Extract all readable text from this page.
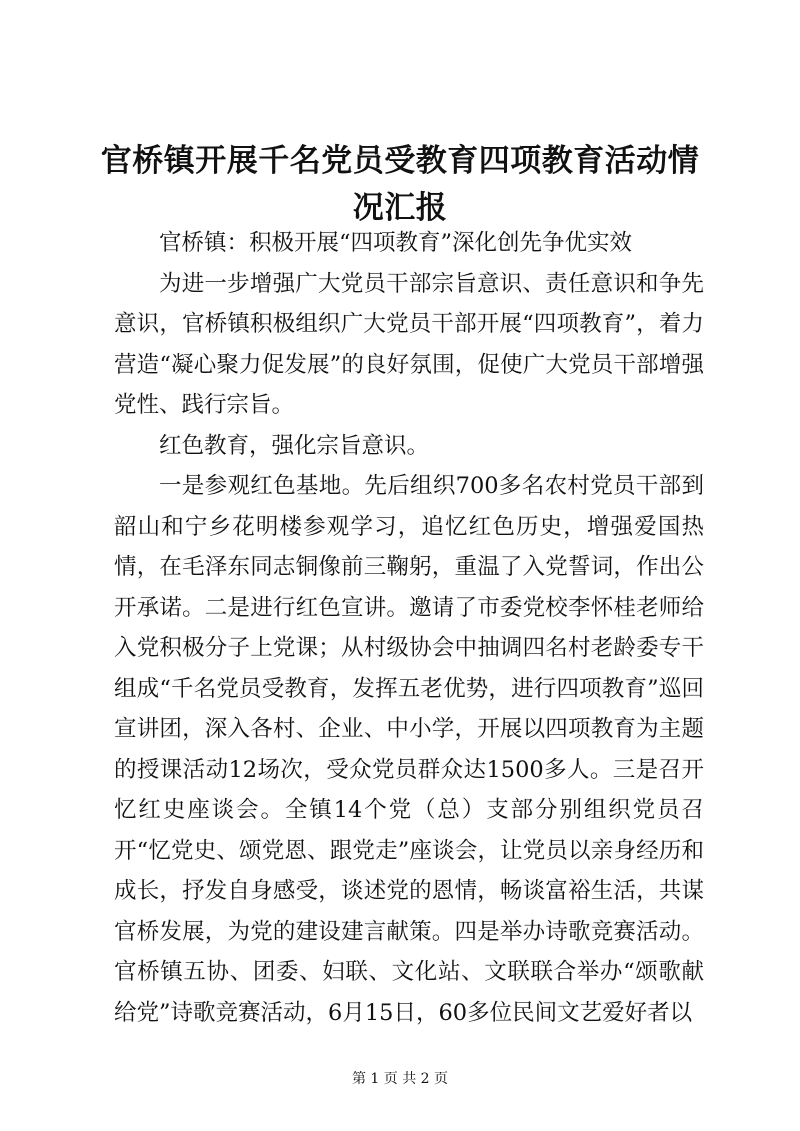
官桥镇开展千名党员受教育四项教育活动情况汇报

官桥镇：积极开展“四项教育”深化创先争优实效

为进一步增强广大党员干部宗旨意识、责任意识和争先意识，官桥镇积极组织广大党员干部开展“四项教育”，着力营造“凝心聚力促发展”的良好氛围，促使广大党员干部增强党性、践行宗旨。

红色教育，强化宗旨意识。

一是参观红色基地。先后组织700多名农村党员干部到韶山和宁乡花明楼参观学习，追忆红色历史，增强爱国热情，在毛泽东同志铜像前三鞠躬，重温了入党誓词，作出公开承诺。二是进行红色宣讲。邀请了市委党校李怀桂老师给入党积极分子上党课；从村级协会中抽调四名村老龄委专干组成“千名党员受教育，发挥五老优势，进行四项教育”巡回宣讲团，深入各村、企业、中小学，开展以四项教育为主题的授课活动12场次，受众党员群众达1500多人。三是召开忆红史座谈会。全镇14个党（总）支部分别组织党员召开“忆党史、颂党恩、跟党走”座谈会，让党员以亲身经历和成长，抒发自身感受，谈述党的恩情，畅谈富裕生活，共谋官桥发展，为党的建设建言献策。四是举办诗歌竞赛活动。官桥镇五协、团委、妇联、文化站、文联联合举办“颂歌献给党”诗歌竞赛活动，6月15日，60多位民间文艺爱好者以

第 1 页 共 2 页
